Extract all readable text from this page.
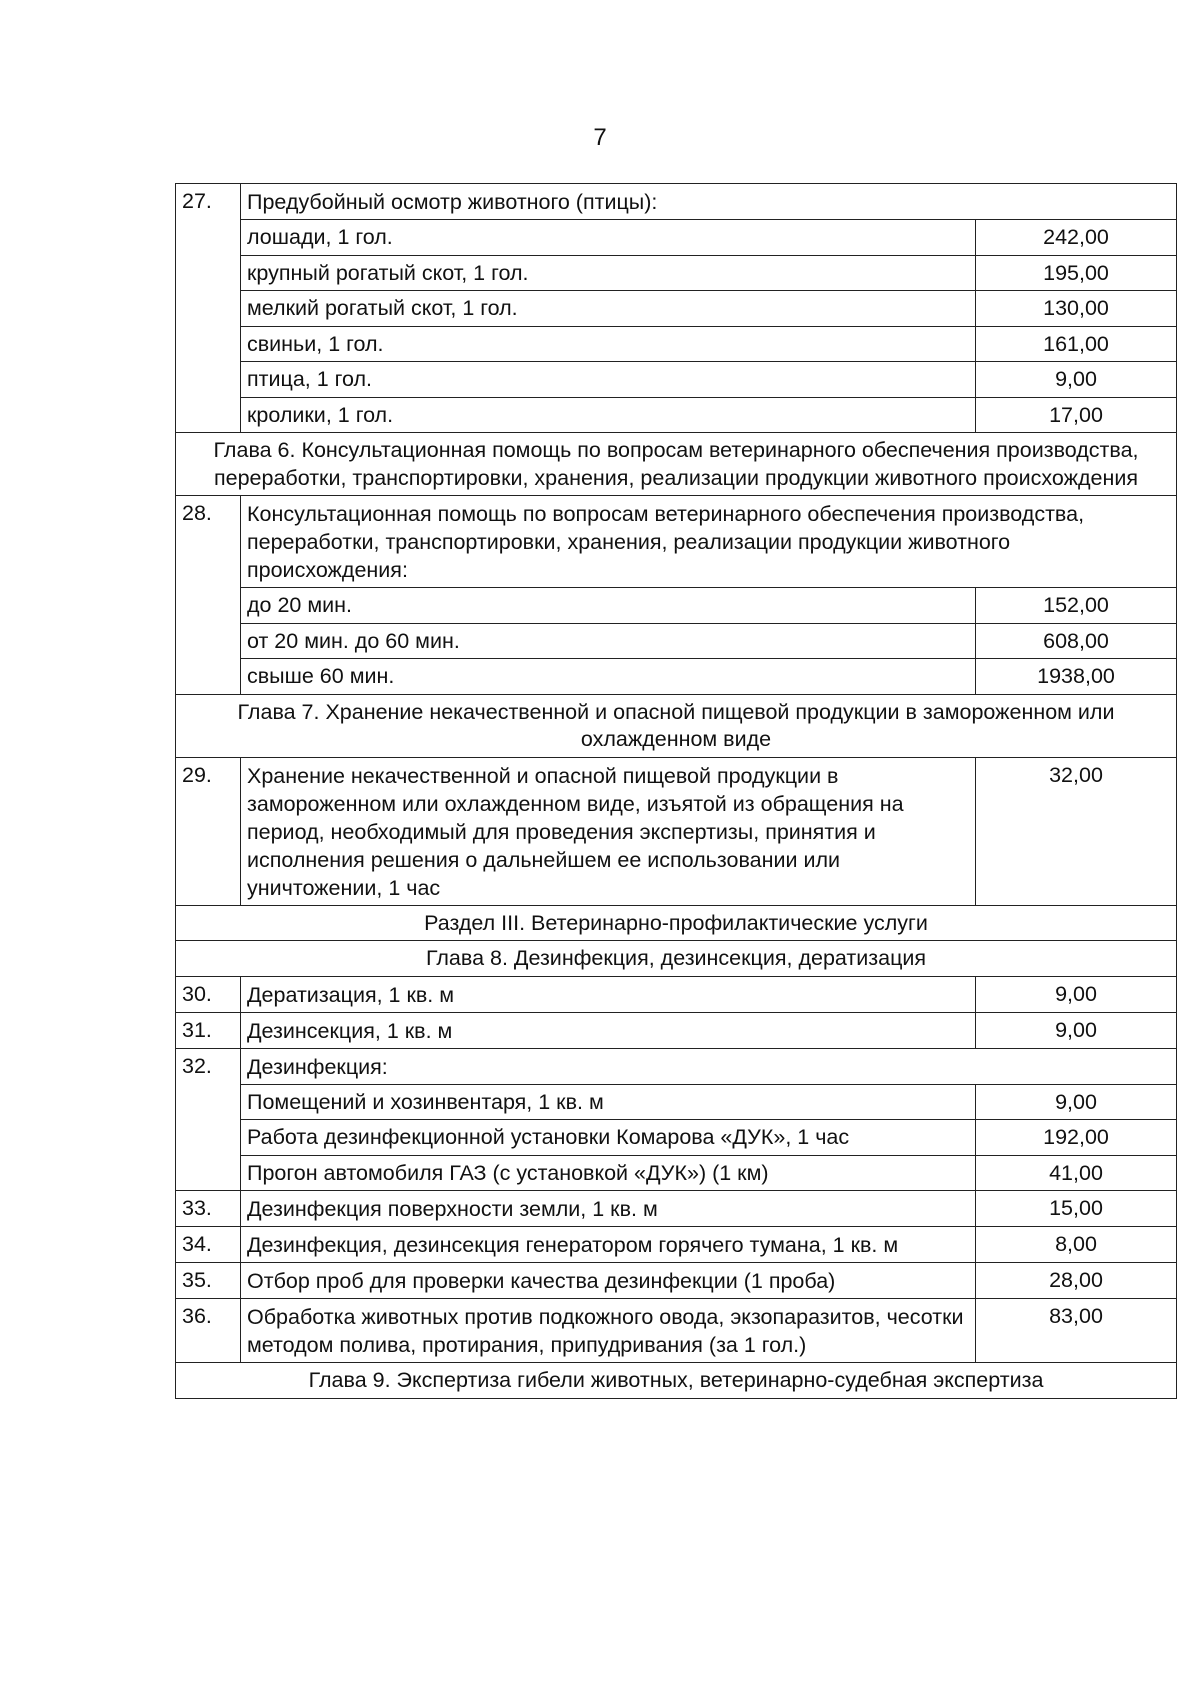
7
27.	Предубойный осмотр животного (птицы):	
	лошади, 1 гол.	242,00
	крупный рогатый скот, 1 гол.	195,00
	мелкий рогатый скот, 1 гол.	130,00
	свиньи, 1 гол.	161,00
	птица, 1 гол.	9,00
	кролики, 1 гол.	17,00
Глава 6. Консультационная помощь по вопросам ветеринарного обеспечения производства, переработки, транспортировки, хранения, реализации продукции животного происхождения		
28.	Консультационная помощь по вопросам ветеринарного обеспечения производства, переработки, транспортировки, хранения, реализации продукции животного происхождения:	
	до 20 мин.	152,00
	от 20 мин. до 60 мин.	608,00
	свыше 60 мин.	1938,00
Глава 7. Хранение некачественной и опасной пищевой продукции в замороженном или охлажденном виде		
29.	Хранение некачественной и опасной пищевой продукции в замороженном или охлажденном виде, изъятой из обращения на период, необходимый для проведения экспертизы, принятия и исполнения решения о дальнейшем ее использовании или уничтожении, 1 час	32,00
Раздел III. Ветеринарно-профилактические услуги		
Глава 8. Дезинфекция, дезинсекция, дератизация		
30.	Дератизация, 1 кв. м	9,00
31.	Дезинсекция, 1 кв. м	9,00
32.	Дезинфекция:	
	Помещений и хозинвентаря, 1 кв. м	9,00
	Работа дезинфекционной установки Комарова «ДУК», 1 час	192,00
	Прогон автомобиля ГАЗ (с установкой «ДУК») (1 км)	41,00
33.	Дезинфекция поверхности земли, 1 кв. м	15,00
34.	Дезинфекция, дезинсекция генератором горячего тумана, 1 кв. м	8,00
35.	Отбор проб для проверки качества дезинфекции (1 проба)	28,00
36.	Обработка животных против подкожного овода, экзопаразитов, чесотки методом полива, протирания, припудривания (за 1 гол.)	83,00
Глава 9. Экспертиза гибели животных, ветеринарно-судебная экспертиза		
